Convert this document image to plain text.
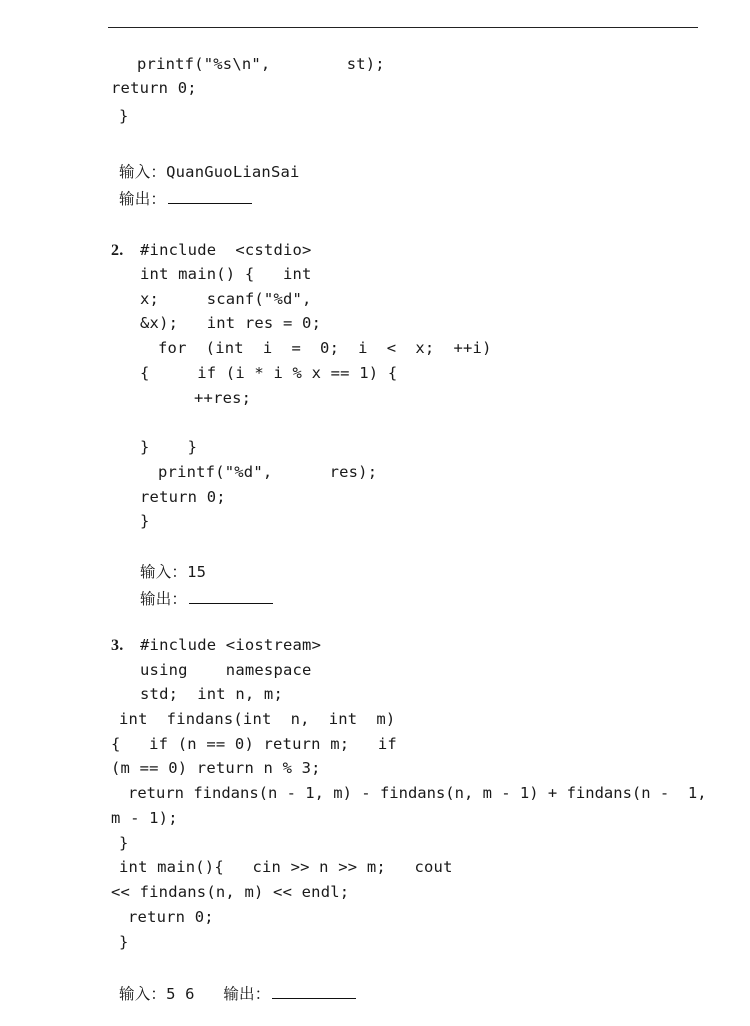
printf("%s\n",        st);
return 0;
}
输入：QuanGuoLianSai
输出：
2. #include  <cstdio>
int main() {   int
x;     scanf("%d",
&x);   int res = 0;
for  (int  i  =  0;  i  <  x;  ++i)
{     if (i * i % x == 1) {
++res;
}    }
printf("%d",      res);
return 0;
}
输入：15
输出：
3. #include <iostream>
using    namespace
std;  int n, m;
int  findans(int  n,  int  m)
{   if (n == 0) return m;   if
(m == 0) return n % 3;
return findans(n - 1, m) - findans(n, m - 1) + findans(n -  1,
m - 1);
}
int main(){   cin >> n >> m;   cout
<< findans(n, m) << endl;
return 0;
}
输入：5 6 输出：
